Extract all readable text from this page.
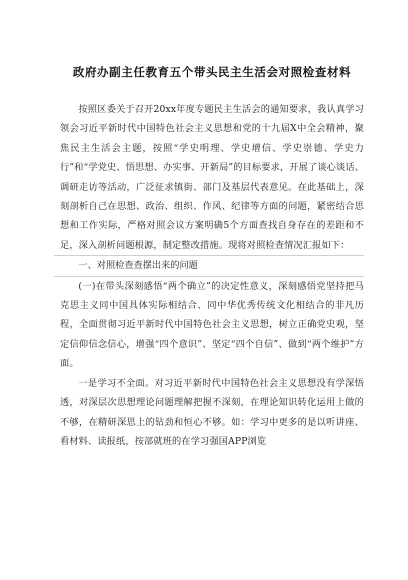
政府办副主任教育五个带头民主生活会对照检查材料

按照区委关于召开20xx年度专题民主生活会的通知要求，我认真学习领会习近平新时代中国特色社会主义思想和党的十九届X中全会精神，聚焦民主生活会主题，按照“学史明理、学史增信、学史崇德、学史力行”和“学党史、悟思想、办实事、开新局”的目标要求，开展了谈心谈话、调研走访等活动，广泛征求镇街、部门及基层代表意见。在此基础上，深刻剖析自己在思想、政治、组织、作风、纪律等方面的问题，紧密结合思想和工作实际，严格对照会议方案明确5个方面查找自身存在的差距和不足，深入剖析问题根源，制定整改措施。现将对照检查情况汇报如下：

一、对照检查查摆出来的问题

(一)在带头深刻感悟“两个确立”的决定性意义，深刻感悟党坚持把马克思主义同中国具体实际相结合、同中华优秀传统文化相结合的非凡历程，全面贯彻习近平新时代中国特色社会主义思想，树立正确党史观，坚定信仰信念信心，增强“四个意识”、坚定“四个自信”、做到“两个维护”方面。

一是学习不全面。对习近平新时代中国特色社会主义思想没有学深悟透，对深层次思想理论问题理解把握不深刻，在理论知识转化运用上做的不够，在精研深思上的钻劲和恒心不够。如：学习中更多的是以听讲座、看材料、读报纸，按部就班的在学习强国APP浏览
